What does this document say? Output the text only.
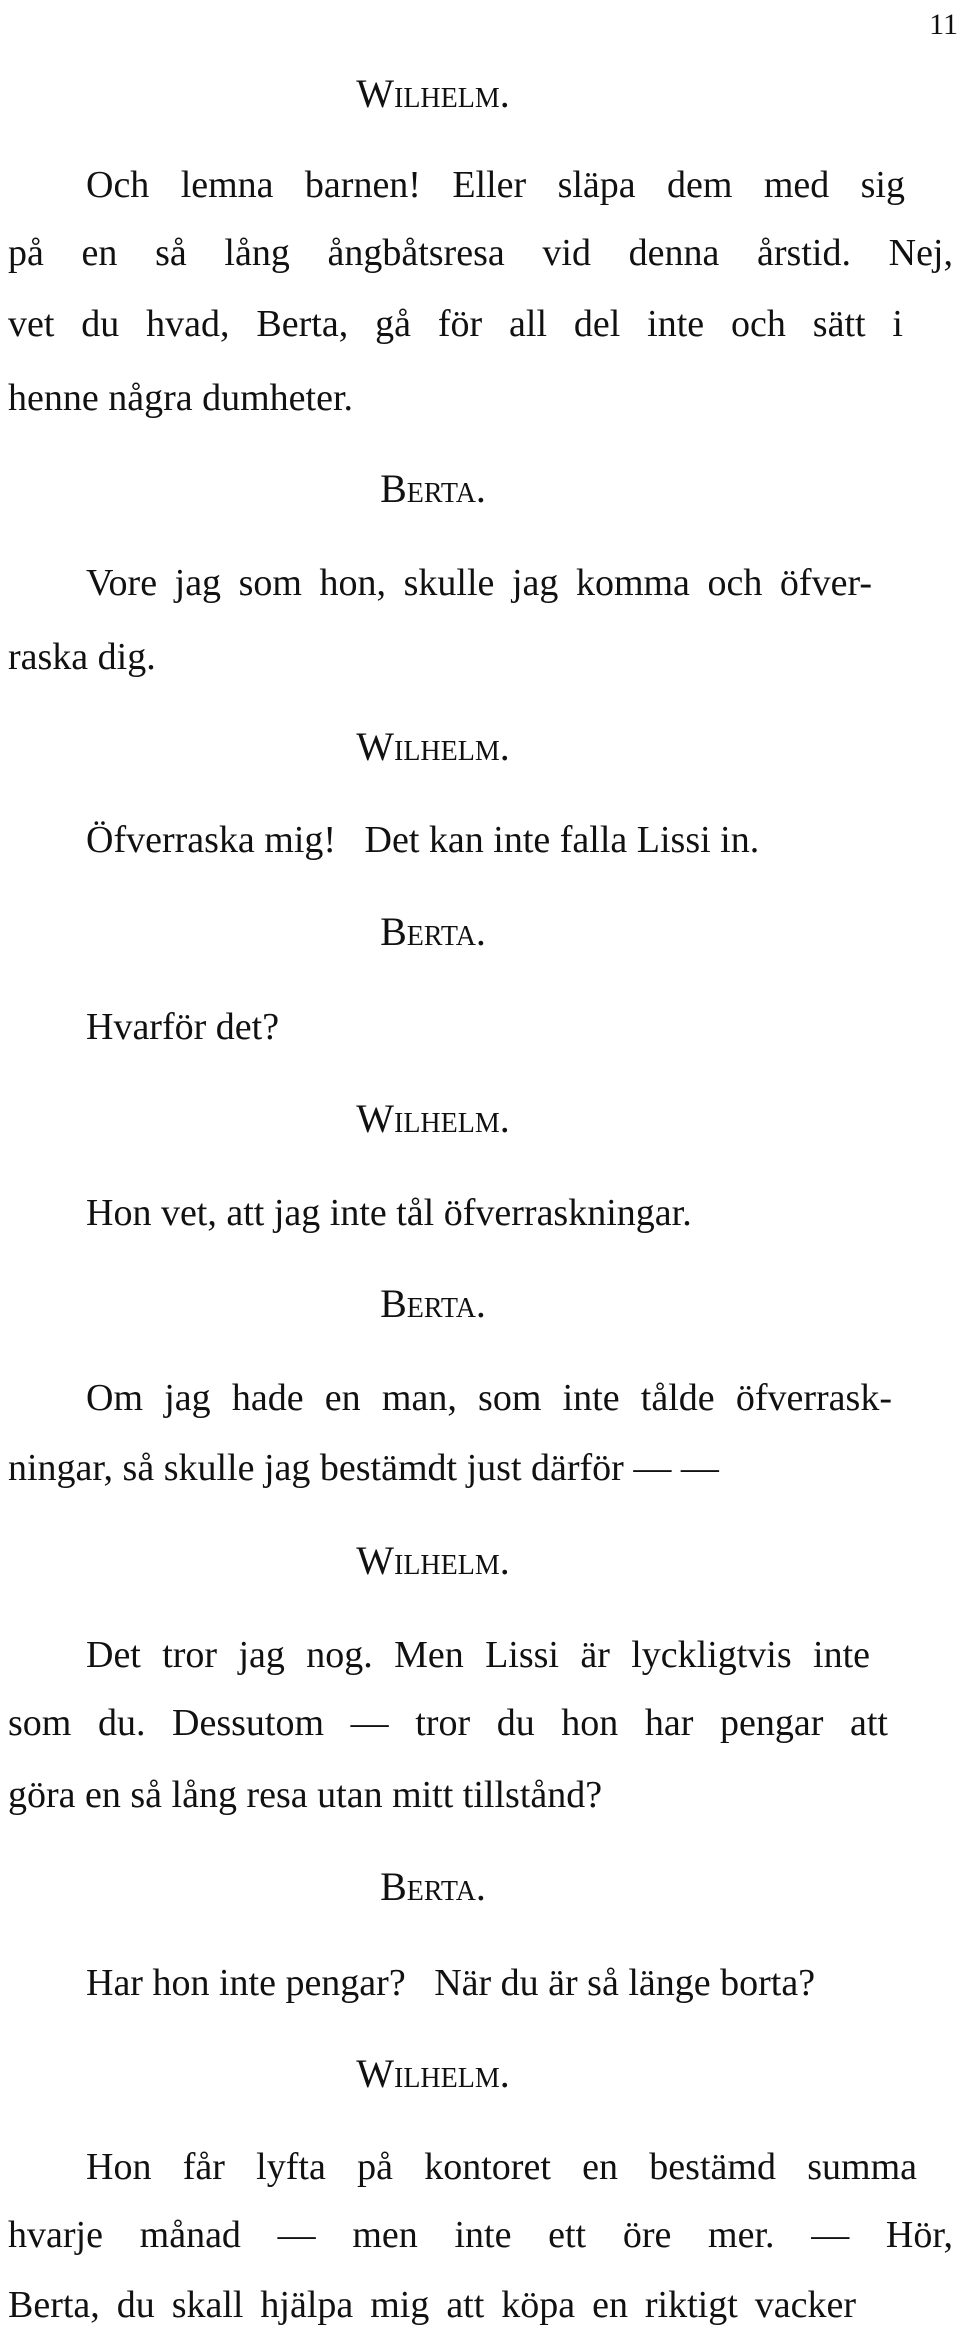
11
Wilhelm.
Och lemna barnen! Eller släpa dem med sig
på en så lång ångbåtsresa vid denna årstid. Nej,
vet du hvad, Berta, gå för all del inte och sätt i
henne några dumheter.
Berta.
Vore jag som hon, skulle jag komma och öfver-
raska dig.
Wilhelm.
Öfverraska mig!   Det kan inte falla Lissi in.
Berta.
Hvarför det?
Wilhelm.
Hon vet, att jag inte tål öfverraskningar.
Berta.
Om jag hade en man, som inte tålde öfverrask-
ningar, så skulle jag bestämdt just därför — —
Wilhelm.
Det tror jag nog. Men Lissi är lyckligtvis inte
som du. Dessutom — tror du hon har pengar att
göra en så lång resa utan mitt tillstånd?
Berta.
Har hon inte pengar?   När du är så länge borta?
Wilhelm.
Hon får lyfta på kontoret en bestämd summa
hvarje månad — men inte ett öre mer. — Hör,
Berta, du skall hjälpa mig att köpa en riktigt vacker
